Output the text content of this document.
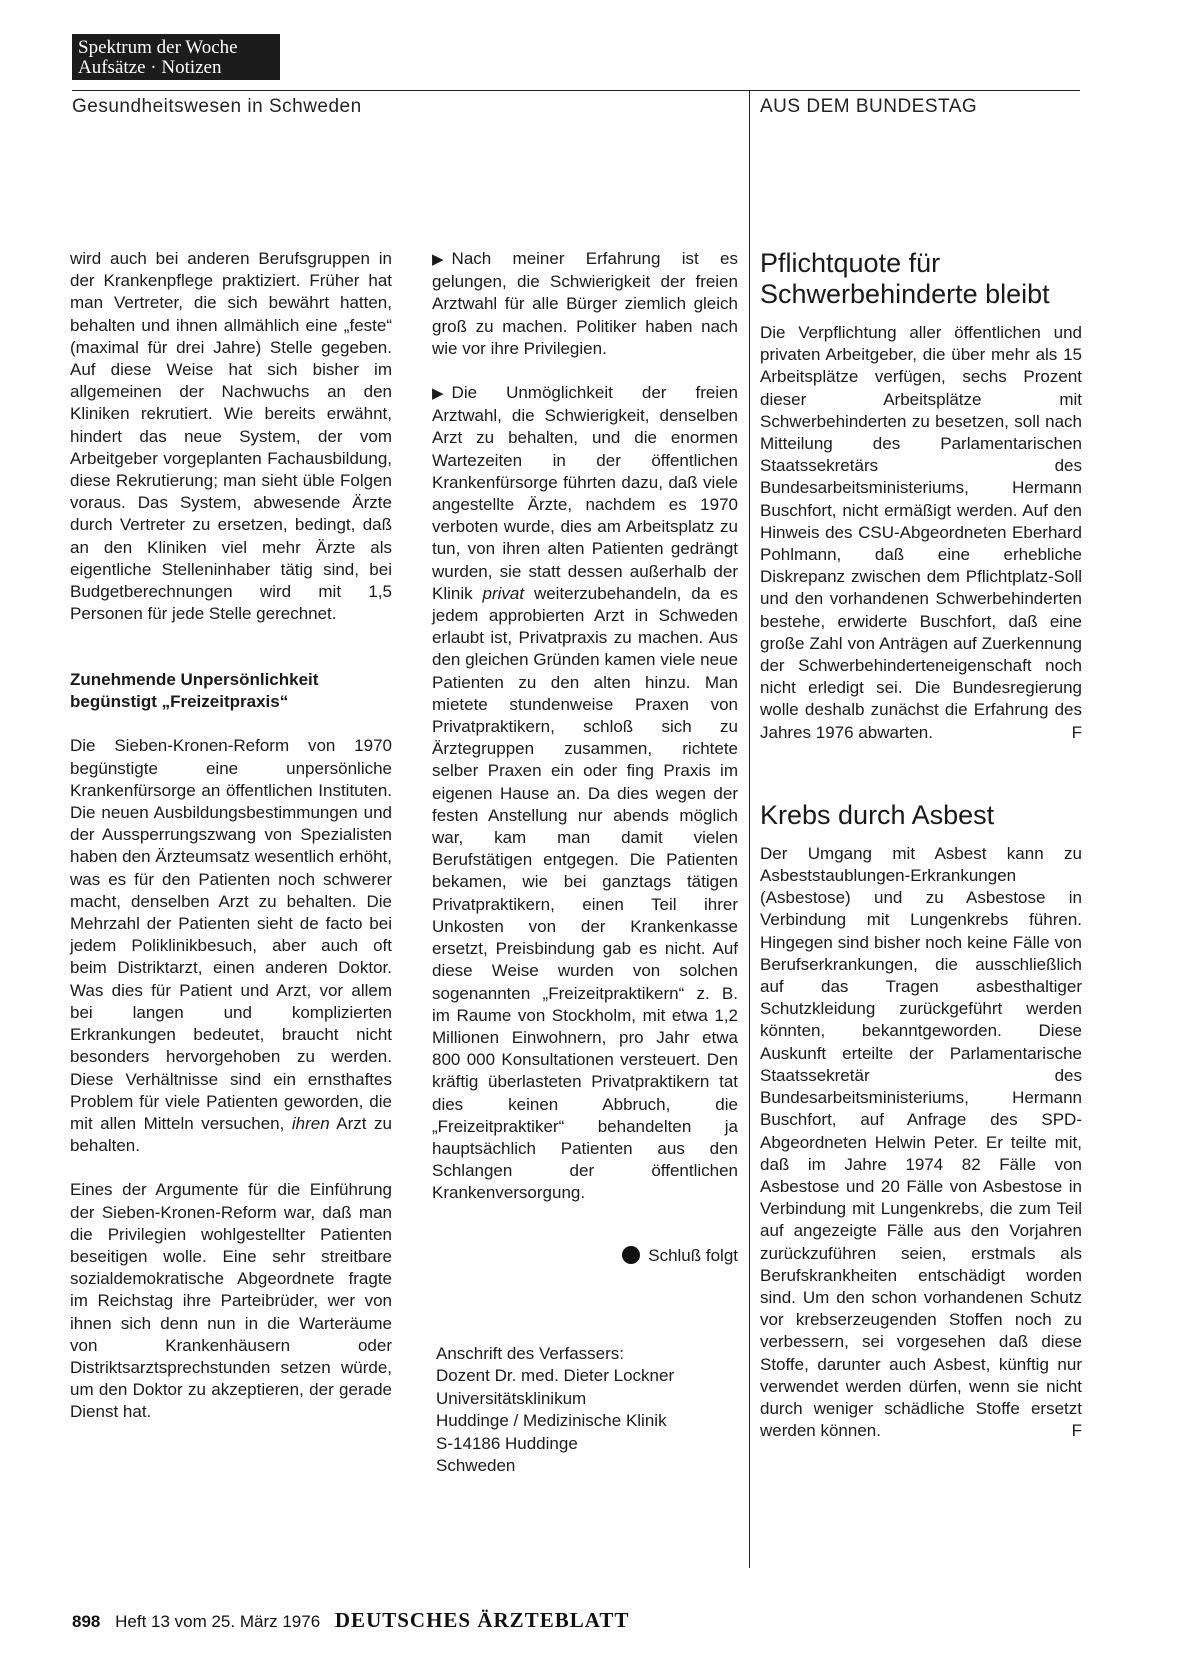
Spektrum der Woche
Aufsätze · Notizen
Gesundheitswesen in Schweden	AUS DEM BUNDESTAG

wird auch bei anderen Berufsgruppen in der Krankenpflege praktiziert. Früher hat man Vertreter, die sich bewährt hatten, behalten und ihnen allmählich eine „feste“ (maximal für drei Jahre) Stelle gegeben. Auf diese Weise hat sich bisher im allgemeinen der Nachwuchs an den Kliniken rekrutiert. Wie bereits erwähnt, hindert das neue System, der vom Arbeitgeber vorgeplanten Fachausbildung, diese Rekrutierung; man sieht üble Folgen voraus. Das System, abwesende Ärzte durch Vertreter zu ersetzen, bedingt, daß an den Kliniken viel mehr Ärzte als eigentliche Stelleninhaber tätig sind, bei Budgetberechnungen wird mit 1,5 Personen für jede Stelle gerechnet.

Zunehmende Unpersönlichkeit
begünstigt „Freizeitpraxis“

Die Sieben-Kronen-Reform von 1970 begünstigte eine unpersönliche Krankenfürsorge an öffentlichen Instituten. Die neuen Ausbildungsbestimmungen und der Aussperrungszwang von Spezialisten haben den Ärzteumsatz wesentlich erhöht, was es für den Patienten noch schwerer macht, denselben Arzt zu behalten. Die Mehrzahl der Patienten sieht de facto bei jedem Poliklinikbesuch, aber auch oft beim Distriktarzt, einen anderen Doktor. Was dies für Patient und Arzt, vor allem bei langen und komplizierten Erkrankungen bedeutet, braucht nicht besonders hervorgehoben zu werden. Diese Verhältnisse sind ein ernsthaftes Problem für viele Patienten geworden, die mit allen Mitteln versuchen, ihren Arzt zu behalten.

Eines der Argumente für die Einführung der Sieben-Kronen-Reform war, daß man die Privilegien wohlgestellter Patienten beseitigen wolle. Eine sehr streitbare sozialdemokratische Abgeordnete fragte im Reichstag ihre Parteibrüder, wer von ihnen sich denn nun in die Warteräume von Krankenhäusern oder Distriktsarztsprechstunden setzen würde, um den Doktor zu akzeptieren, der gerade Dienst hat.

▶ Nach meiner Erfahrung ist es gelungen, die Schwierigkeit der freien Arztwahl für alle Bürger ziemlich gleich groß zu machen. Politiker haben nach wie vor ihre Privilegien.

▶ Die Unmöglichkeit der freien Arztwahl, die Schwierigkeit, denselben Arzt zu behalten, und die enormen Wartezeiten in der öffentlichen Krankenfürsorge führten dazu, daß viele angestellte Ärzte, nachdem es 1970 verboten wurde, dies am Arbeitsplatz zu tun, von ihren alten Patienten gedrängt wurden, sie statt dessen außerhalb der Klinik privat weiterzubehandeln, da es jedem approbierten Arzt in Schweden erlaubt ist, Privatpraxis zu machen. Aus den gleichen Gründen kamen viele neue Patienten zu den alten hinzu. Man mietete stundenweise Praxen von Privatpraktikern, schloß sich zu Ärztegruppen zusammen, richtete selber Praxen ein oder fing Praxis im eigenen Hause an. Da dies wegen der festen Anstellung nur abends möglich war, kam man damit vielen Berufstätigen entgegen. Die Patienten bekamen, wie bei ganztags tätigen Privatpraktikern, einen Teil ihrer Unkosten von der Krankenkasse ersetzt, Preisbindung gab es nicht. Auf diese Weise wurden von solchen sogenannten „Freizeitpraktikern“ z. B. im Raume von Stockholm, mit etwa 1,2 Millionen Einwohnern, pro Jahr etwa 800 000 Konsultationen versteuert. Den kräftig überlasteten Privatpraktikern tat dies keinen Abbruch, die „Freizeitpraktiker“ behandelten ja hauptsächlich Patienten aus den Schlangen der öffentlichen Krankenversorgung.

Schluß folgt
Anschrift des Verfassers:
Dozent Dr. med. Dieter Lockner
Universitätsklinikum
Huddinge / Medizinische Klinik
S-14186 Huddinge
Schweden
Pflichtquote für
Schwerbehinderte bleibt

Die Verpflichtung aller öffentlichen und privaten Arbeitgeber, die über mehr als 15 Arbeitsplätze verfügen, sechs Prozent dieser Arbeitsplätze mit Schwerbehinderten zu besetzen, soll nach Mitteilung des Parlamentarischen Staatssekretärs des Bundesarbeitsministeriums, Hermann Buschfort, nicht ermäßigt werden. Auf den Hinweis des CSU-Abgeordneten Eberhard Pohlmann, daß eine erhebliche Diskrepanz zwischen dem Pflichtplatz-Soll und den vorhandenen Schwerbehinderten bestehe, erwiderte Buschfort, daß eine große Zahl von Anträgen auf Zuerkennung der Schwerbehinderteneigenschaft noch nicht erledigt sei. Die Bundesregierung wolle deshalb zunächst die Erfahrung des Jahres 1976 abwarten.	F

Krebs durch Asbest

Der Umgang mit Asbest kann zu Asbeststaublungen-Erkrankungen (Asbestose) und zu Asbestose in Verbindung mit Lungenkrebs führen. Hingegen sind bisher noch keine Fälle von Berufserkrankungen, die ausschließlich auf das Tragen asbesthaltiger Schutzkleidung zurückgeführt werden könnten, bekanntgeworden. Diese Auskunft erteilte der Parlamentarische Staatssekretär des Bundesarbeitsministeriums, Hermann Buschfort, auf Anfrage des SPD-Abgeordneten Helwin Peter. Er teilte mit, daß im Jahre 1974 82 Fälle von Asbestose und 20 Fälle von Asbestose in Verbindung mit Lungenkrebs, die zum Teil auf angezeigte Fälle aus den Vorjahren zurückzuführen seien, erstmals als Berufskrankheiten entschädigt worden sind. Um den schon vorhandenen Schutz vor krebserzeugenden Stoffen noch zu verbessern, sei vorgesehen daß diese Stoffe, darunter auch Asbest, künftig nur verwendet werden dürfen, wenn sie nicht durch weniger schädliche Stoffe ersetzt werden können.	F

898 Heft 13 vom 25. März 1976 DEUTSCHES ÄRZTEBLATT
